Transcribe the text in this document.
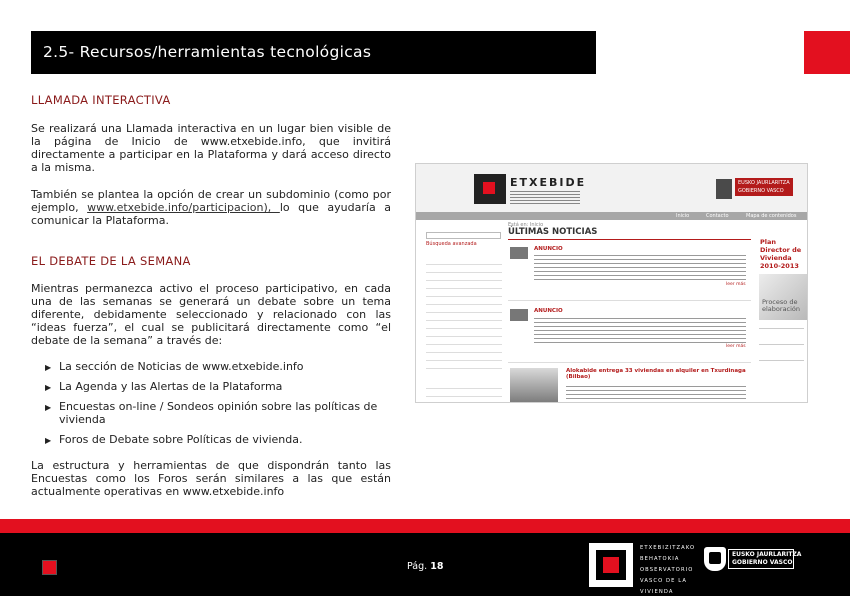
2.5- Recursos/herramientas tecnológicas
LLAMADA INTERACTIVA
Se realizará una Llamada interactiva en un lugar bien visible de la página de Inicio de www.etxebide.info, que invitirá directamente a participar en la Plataforma y dará acceso directo a la misma.
También se plantea la opción de crear un subdominio (como por ejemplo, www.etxebide.info/participacion), lo que ayudaría a comunicar la Plataforma.
EL DEBATE DE LA SEMANA
Mientras permanezca activo el proceso participativo, en cada una de las semanas se generará un debate sobre un tema diferente, debidamente seleccionado y relacionado con las “ideas fuerza”, el cual se publicitará directamente como “el debate de la semana” a través de:
▶ La sección de Noticias de www.etxebide.info
▶ La Agenda y las Alertas de la Plataforma
▶ Encuestas on-line / Sondeos opinión sobre las políticas de vivienda
▶ Foros de Debate sobre Políticas de vivienda.
La estructura y herramientas de que dispondrán tanto las Encuestas como los Foros serán similares a las que están actualmente operativas en www.etxebide.info
ETXEBIDE	EUSKO JAURLARITZA GOBIERNO VASCO
Inicio	Contacto	Mapa de contenidos
Búsqueda avanzada
Está en: Inicio
ÚLTIMAS NOTICIAS
ANUNCIO
leer más
ANUNCIO
leer más
Alokabide entrega 33 viviendas en alquiler en Txurdinaga (Bilbao)
Plan Director de Vivienda 2010-2013
Proceso de elaboración
Pág. 18
ETXEBIZITZAKO
BEHATOKIA
OBSERVATORIO
VASCO DE LA
VIVIENDA
EUSKO JAURLARITZA
GOBIERNO VASCO
